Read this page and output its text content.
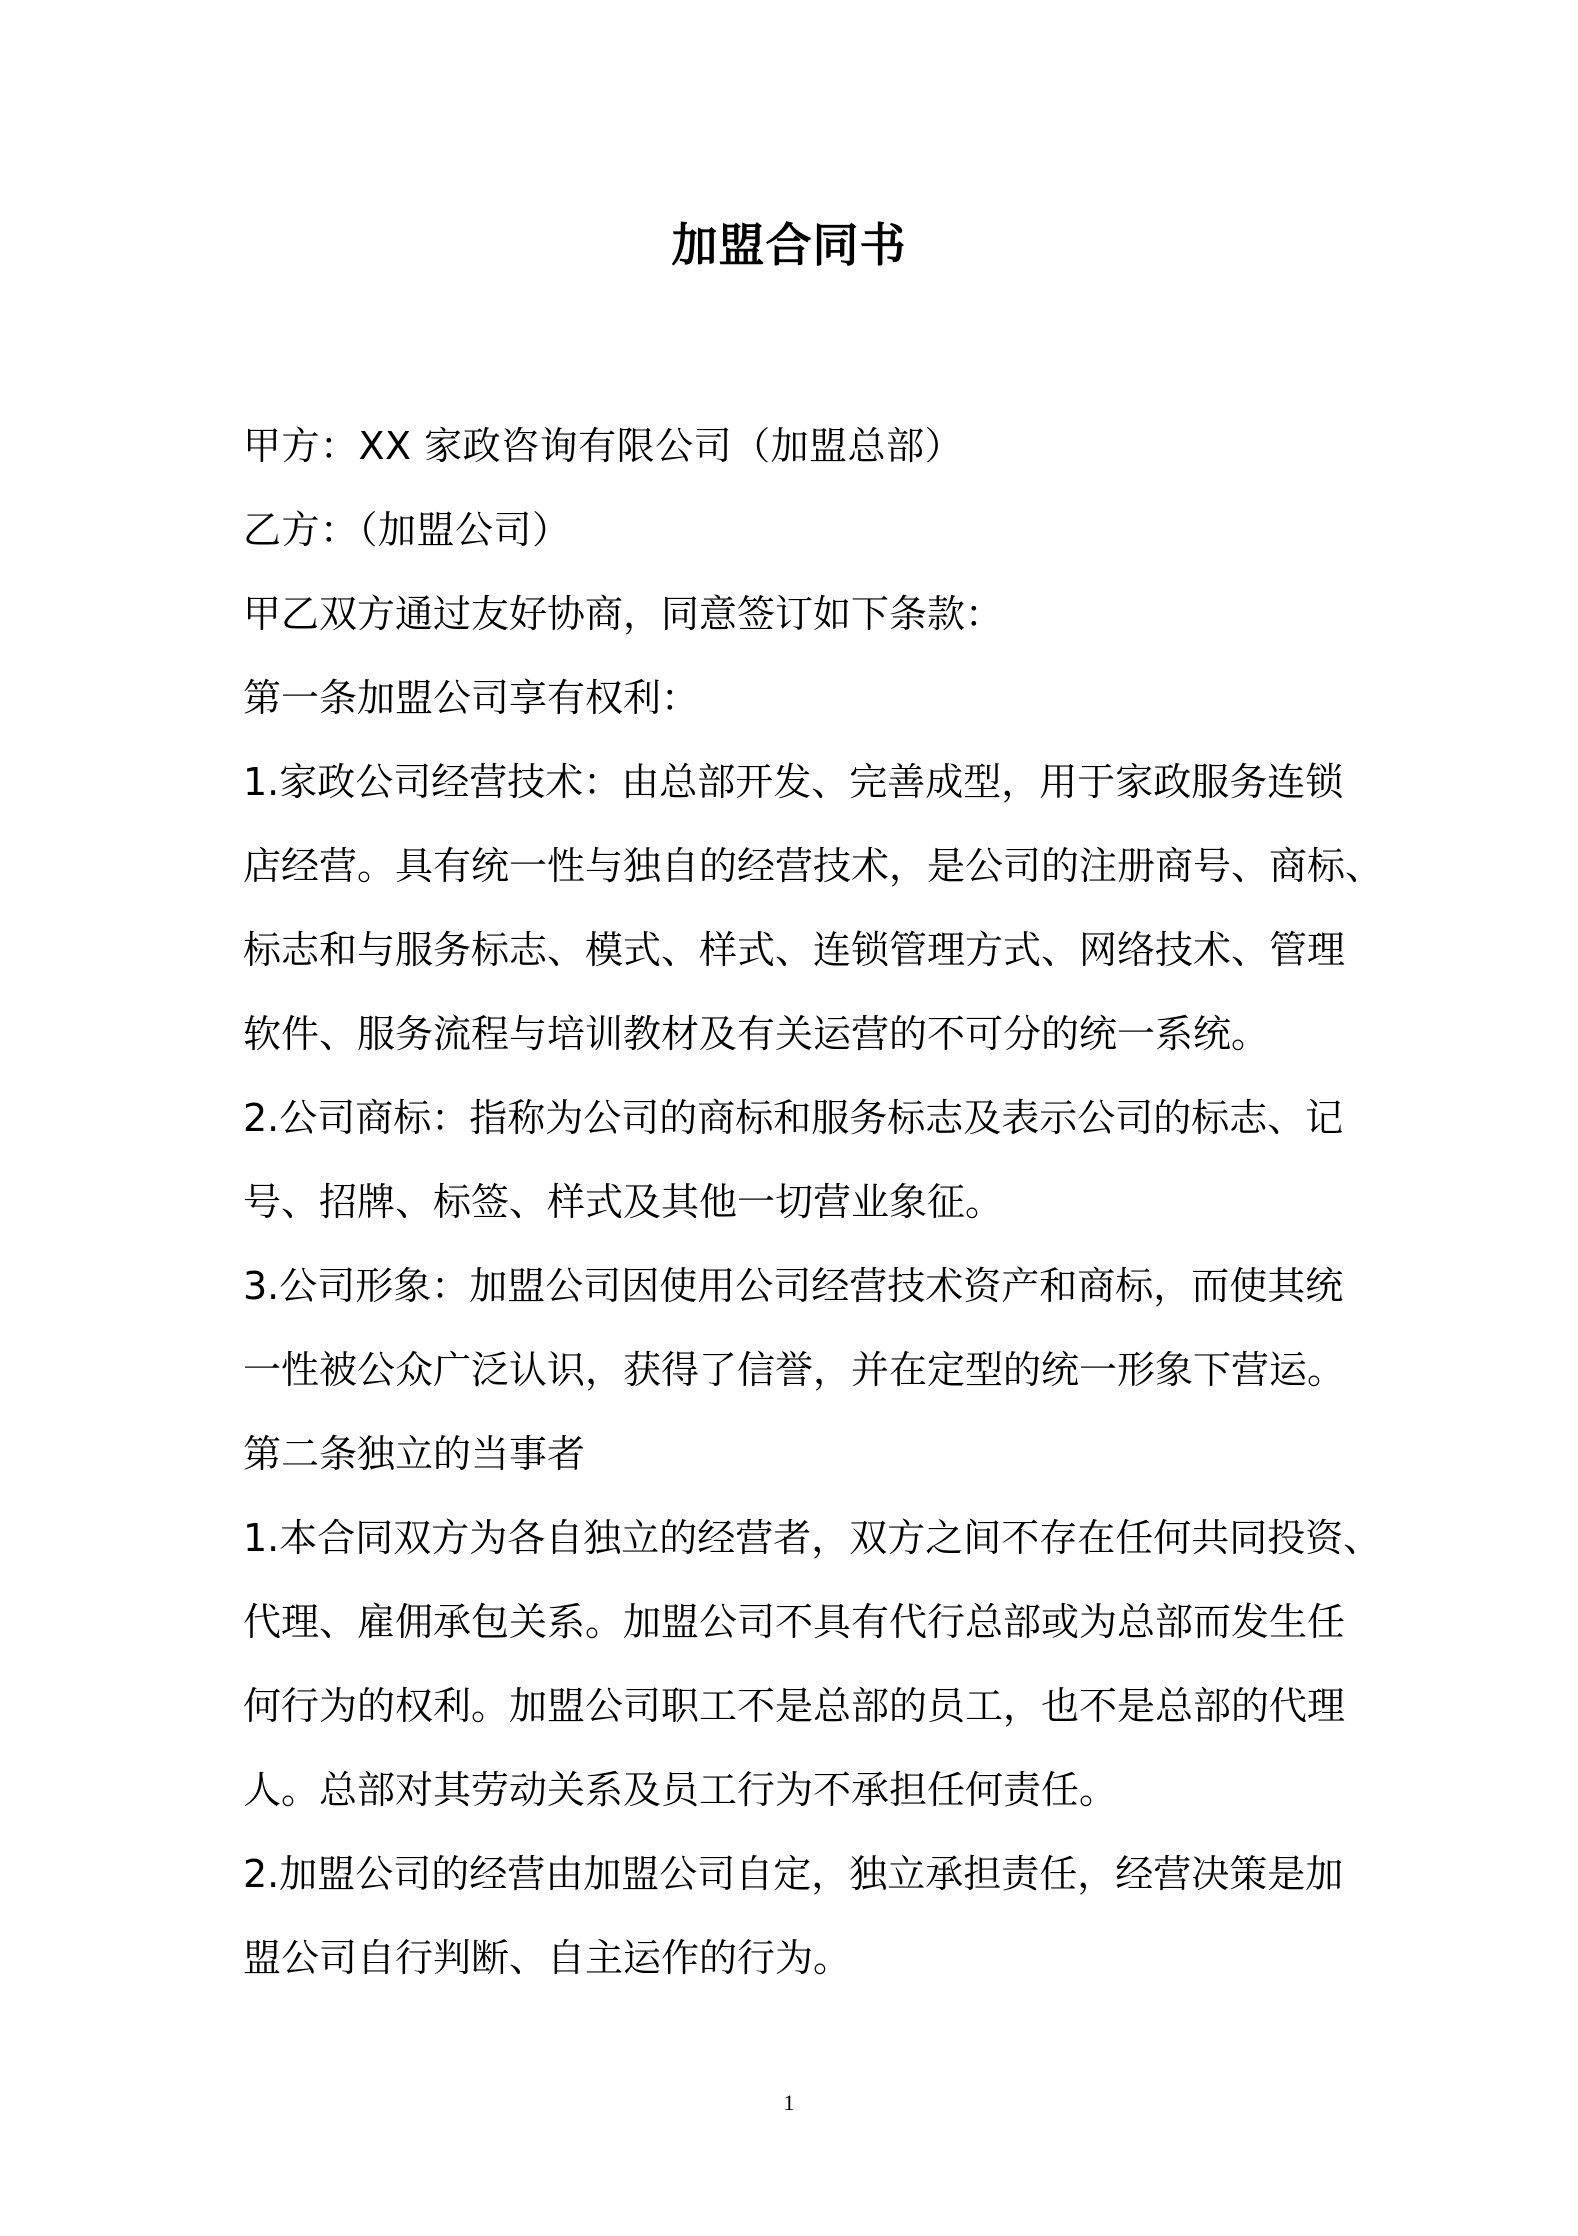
加盟合同书
甲方：XX 家政咨询有限公司（加盟总部）
乙方：（加盟公司）
甲乙双方通过友好协商，同意签订如下条款：
第一条加盟公司享有权利：
1.家政公司经营技术：由总部开发、完善成型，用于家政服务连锁
店经营。具有统一性与独自的经营技术，是公司的注册商号、商标、
标志和与服务标志、模式、样式、连锁管理方式、网络技术、管理
软件、服务流程与培训教材及有关运营的不可分的统一系统。
2.公司商标：指称为公司的商标和服务标志及表示公司的标志、记
号、招牌、标签、样式及其他一切营业象征。
3.公司形象：加盟公司因使用公司经营技术资产和商标，而使其统
一性被公众广泛认识，获得了信誉，并在定型的统一形象下营运。
第二条独立的当事者
1.本合同双方为各自独立的经营者，双方之间不存在任何共同投资、
代理、雇佣承包关系。加盟公司不具有代行总部或为总部而发生任
何行为的权利。加盟公司职工不是总部的员工，也不是总部的代理
人。总部对其劳动关系及员工行为不承担任何责任。
2.加盟公司的经营由加盟公司自定，独立承担责任，经营决策是加
盟公司自行判断、自主运作的行为。
1
